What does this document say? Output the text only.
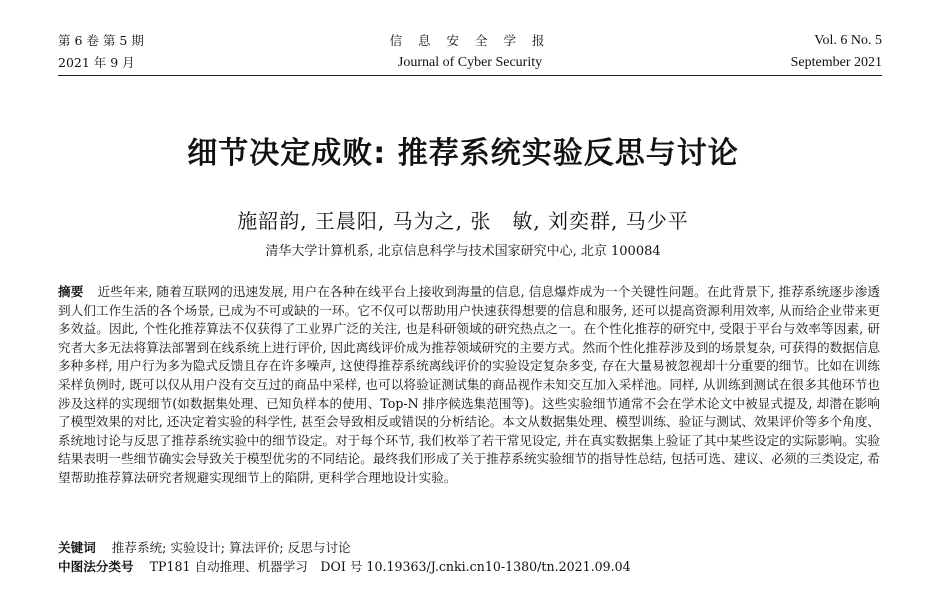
第 6 卷 第 5 期
2021 年 9 月
信 息 安 全 学 报
Journal of Cyber Security
Vol. 6 No. 5
September 2021
细节决定成败: 推荐系统实验反思与讨论
施韶韵, 王晨阳, 马为之, 张　敏, 刘奕群, 马少平
清华大学计算机系, 北京信息科学与技术国家研究中心, 北京 100084
摘要 近些年来, 随着互联网的迅速发展, 用户在各种在线平台上接收到海量的信息, 信息爆炸成为一个关键性问题。在此背景下, 推荐系统逐步渗透到人们工作生活的各个场景, 已成为不可或缺的一环。它不仅可以帮助用户快速获得想要的信息和服务, 还可以提高资源利用效率, 从而给企业带来更多效益。因此, 个性化推荐算法不仅获得了工业界广泛的关注, 也是科研领域的研究热点之一。在个性化推荐的研究中, 受限于平台与效率等因素, 研究者大多无法将算法部署到在线系统上进行评价, 因此离线评价成为推荐领域研究的主要方式。然而个性化推荐涉及到的场景复杂, 可获得的数据信息多种多样, 用户行为多为隐式反馈且存在许多噪声, 这使得推荐系统离线评价的实验设定复杂多变, 存在大量易被忽视却十分重要的细节。比如在训练采样负例时, 既可以仅从用户没有交互过的商品中采样, 也可以将验证测试集的商品视作未知交互加入采样池。同样, 从训练到测试在很多其他环节也涉及这样的实现细节(如数据集处理、已知负样本的使用、Top-N 排序候选集范围等)。这些实验细节通常不会在学术论文中被显式提及, 却潜在影响了模型效果的对比, 还决定着实验的科学性, 甚至会导致相反或错误的分析结论。本文从数据集处理、模型训练、验证与测试、效果评价等多个角度、系统地讨论与反思了推荐系统实验中的细节设定。对于每个环节, 我们枚举了若干常见设定, 并在真实数据集上验证了其中某些设定的实际影响。实验结果表明一些细节确实会导致关于模型优劣的不同结论。最终我们形成了关于推荐系统实验细节的指导性总结, 包括可选、建议、必须的三类设定, 希望帮助推荐算法研究者规避实现细节上的陷阱, 更科学合理地设计实验。
关键词 推荐系统; 实验设计; 算法评价; 反思与讨论
中图法分类号 TP181 自动推理、机器学习　DOI 号 10.19363/J.cnki.cn10-1380/tn.2021.09.04
